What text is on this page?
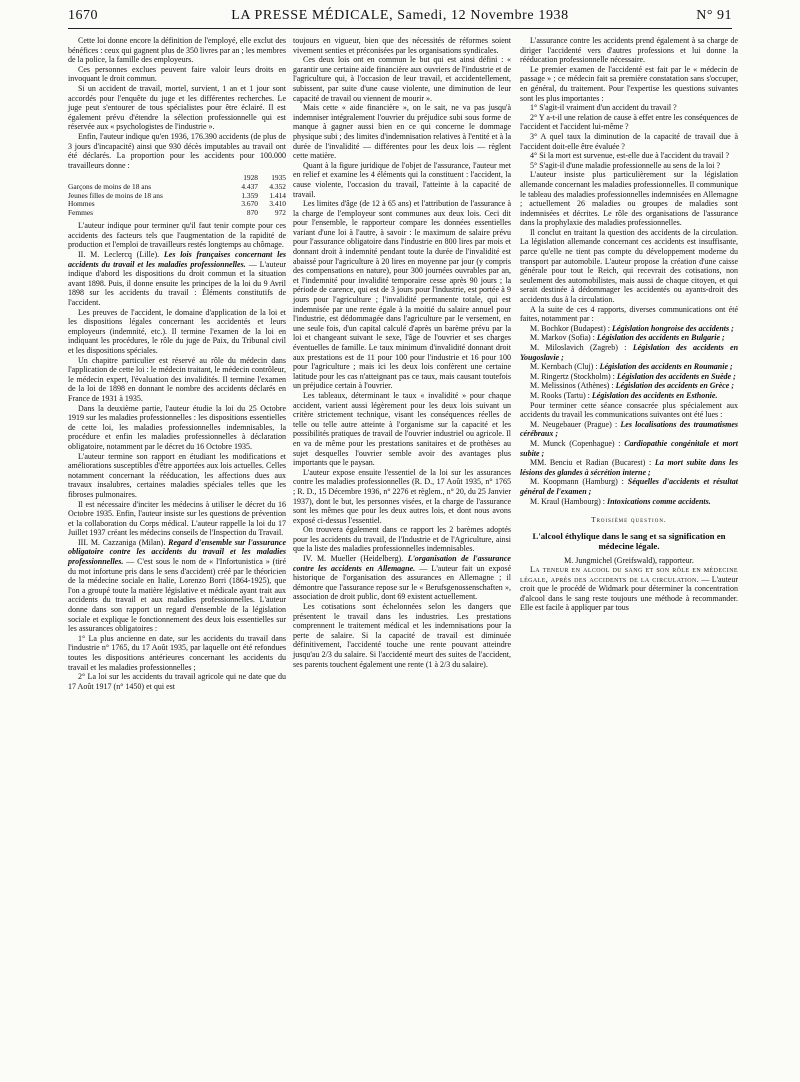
1670	LA PRESSE MÉDICALE, Samedi, 12 Novembre 1938	N° 91

Cette loi donne encore la définition de l'employé, elle exclut des bénéfices : ceux qui gagnent plus de 350 livres par an ; les membres de la police, la famille des employeurs.

Ces personnes exclues peuvent faire valoir leurs droits en invoquant le droit commun.

Si un accident de travail, mortel, survient, 1 an et 1 jour sont accordés pour l'enquête du juge et les différentes recherches. Le juge peut s'entourer de tous spécialistes pour être éclairé. Il est également prévu d'étendre la sélection professionnelle qui est réservée aux « psychologistes de l'industrie ».

Enfin, l'auteur indique qu'en 1936, 176.390 accidents (de plus de 3 jours d'incapacité) ainsi que 930 décès imputables au travail ont été déclarés. La proportion pour les accidents pour 100.000 travailleurs donne :

	1928	1935
Garçons de moins de 18 ans	4.437	4.352
Jeunes filles de moins de 18 ans	1.359	1.414
Hommes	3.670	3.410
Femmes	870	972

L'auteur indique pour terminer qu'il faut tenir compte pour ces accidents des facteurs tels que l'augmentation de la rapidité de production et l'emploi de travailleurs restés longtemps au chômage.

II. M. Leclercq (Lille). Les lois françaises concernant les accidents du travail et les maladies professionnelles. — L'auteur indique d'abord les dispositions du droit commun et la situation avant 1898. Puis, il donne ensuite les principes de la loi du 9 Avril 1898 sur les accidents du travail : Éléments constitutifs de l'accident.

Les preuves de l'accident, le domaine d'application de la loi et les dispositions légales concernant les accidentés et leurs employeurs (indemnité, etc.). Il termine l'examen de la loi en indiquant les procédures, le rôle du juge de Paix, du Tribunal civil et les dispositions spéciales.

Un chapitre particulier est réservé au rôle du médecin dans l'application de cette loi : le médecin traitant, le médecin contrôleur, le médecin expert, l'évaluation des invalidités. Il termine l'examen de la loi de 1898 en donnant le nombre des accidents déclarés en France de 1931 à 1935.

Dans la deuxième partie, l'auteur étudie la loi du 25 Octobre 1919 sur les maladies professionnelles : les dispositions essentielles de cette loi, les maladies professionnelles indemnisables, la procédure et enfin les maladies professionnelles à déclaration obligatoire, notamment par le décret du 16 Octobre 1935.

L'auteur termine son rapport en étudiant les modifications et améliorations susceptibles d'être apportées aux lois actuelles. Celles notamment concernant la rééducation, les affections dues aux travaux insalubres, certaines maladies spéciales telles que les fibroses pulmonaires.

Il est nécessaire d'inciter les médecins à utiliser le décret du 16 Octobre 1935. Enfin, l'auteur insiste sur les questions de prévention et la collaboration du Corps médical. L'auteur rappelle la loi du 17 Juillet 1937 créant les médecins conseils de l'Inspection du Travail.

III. M. Cazzaniga (Milan). Regard d'ensemble sur l'assurance obligatoire contre les accidents du travail et les maladies professionnelles. — C'est sous le nom de « l'Infortunistica » (tiré du mot infortune pris dans le sens d'accident) créé par le théoricien de la médecine sociale en Italie, Lorenzo Borri (1864-1925), que l'on a groupé toute la matière législative et médicale ayant trait aux accidents du travail et aux maladies professionnelles. L'auteur donne dans son rapport un regard d'ensemble de la législation sociale et explique le fonctionnement des deux lois essentielles sur les assurances obligatoires :

1° La plus ancienne en date, sur les accidents du travail dans l'industrie n° 1765, du 17 Août 1935, par laquelle ont été refondues toutes les dispositions antérieures concernant les accidents du travail et les maladies professionnelles ;

2° La loi sur les accidents du travail agricole qui ne date que du 17 Août 1917 (n° 1450) et qui est

toujours en vigueur, bien que des nécessités de réformes soient vivement senties et préconisées par les organisations syndicales.

Ces deux lois ont en commun le but qui est ainsi défini : « garantir une certaine aide financière aux ouvriers de l'industrie et de l'agriculture qui, à l'occasion de leur travail, et accidentellement, subissent, par suite d'une cause violente, une diminution de leur capacité de travail ou viennent de mourir ».

Mais cette « aide financière », on le sait, ne va pas jusqu'à indemniser intégralement l'ouvrier du préjudice subi sous forme de manque à gagner aussi bien en ce qui concerne le dommage physique subi ; des limites d'indemnisation relatives à l'entité et à la durée de l'invalidité — différentes pour les deux lois — règlent cette matière.

Quant à la figure juridique de l'objet de l'assurance, l'auteur met en relief et examine les 4 éléments qui la constituent : l'accident, la cause violente, l'occasion du travail, l'atteinte à la capacité de travail.

Les limites d'âge (de 12 à 65 ans) et l'attribution de l'assurance à la charge de l'employeur sont communes aux deux lois. Ceci dit pour l'ensemble, le rapporteur compare les données essentielles variant d'une loi à l'autre, à savoir : le maximum de salaire prévu pour l'assurance obligatoire dans l'industrie en 800 lires par mois et donnant droit à indemnité pendant toute la durée de l'invalidité est abaissé pour l'agriculture à 20 lires en moyenne par jour (y compris des compensations en nature), pour 300 journées ouvrables par an, et l'indemnité pour invalidité temporaire cesse après 90 jours ; la période de carence, qui est de 3 jours pour l'industrie, est portée à 9 jours pour l'agriculture ; l'invalidité permanente totale, qui est indemnisée par une rente égale à la moitié du salaire annuel pour l'industrie, est dédommagée dans l'agriculture par le versement, en une seule fois, d'un capital calculé d'après un barème prévu par la loi et changeant suivant le sexe, l'âge de l'ouvrier et ses charges éventuelles de famille. Le taux minimum d'invalidité donnant droit aux prestations est de 11 pour 100 pour l'industrie et 16 pour 100 pour l'agriculture ; mais ici les deux lois confèrent une certaine latitude pour les cas n'atteignant pas ce taux, mais causant toutefois un préjudice certain à l'ouvrier.

Les tableaux, déterminant le taux « invalidité » pour chaque accident, varient aussi légèrement pour les deux lois suivant un critère strictement technique, visant les conséquences réelles de telle ou telle autre atteinte à l'organisme sur la capacité et les possibilités pratiques de travail de l'ouvrier industriel ou agricole. Il en va de même pour les prestations sanitaires et de prothèses au sujet desquelles l'ouvrier semble avoir des avantages plus importants que le paysan.

L'auteur expose ensuite l'essentiel de la loi sur les assurances contre les maladies professionnelles (R. D., 17 Août 1935, n° 1765 ; R. D., 15 Décembre 1936, n° 2276 et règlem., n° 20, du 25 Janvier 1937), dont le but, les personnes visées, et la charge de l'assurance sont les mêmes que pour les deux autres lois, et dont nous avons exposé ci-dessus l'essentiel.

On trouvera également dans ce rapport les 2 barèmes adoptés pour les accidents du travail, de l'Industrie et de l'Agriculture, ainsi que la liste des maladies professionnelles indemnisables.

IV. M. Mueller (Heidelberg). L'organisation de l'assurance contre les accidents en Allemagne. — L'auteur fait un exposé historique de l'organisation des assurances en Allemagne ; il démontre que l'assurance repose sur le « Berufsgenossenschaften », association de droit public, dont 69 existent actuellement.

Les cotisations sont échelonnées selon les dangers que présentent le travail dans les industries. Les prestations comprennent le traitement médical et les indemnisations pour la perte de salaire. Si la capacité de travail est diminuée définitivement, l'accidenté touche une rente pouvant atteindre jusqu'au 2/3 du salaire. Si l'accidenté meurt des suites de l'accident, ses parents touchent également une rente (1 à 2/3 du salaire).

L'assurance contre les accidents prend également à sa charge de diriger l'accidenté vers d'autres professions et lui donne la rééducation professionnelle nécessaire.

Le premier examen de l'accidenté est fait par le « médecin de passage » ; ce médecin fait sa première constatation sans s'occuper, en général, du traitement. Pour l'expertise les questions suivantes sont les plus importantes :

1° S'agit-il vraiment d'un accident du travail ?

2° Y a-t-il une relation de cause à effet entre les conséquences de l'accident et l'accident lui-même ?

3° A quel taux la diminution de la capacité de travail due à l'accident doit-elle être évaluée ?

4° Si la mort est survenue, est-elle due à l'accident du travail ?

5° S'agit-il d'une maladie professionnelle au sens de la loi ?

L'auteur insiste plus particulièrement sur la législation allemande concernant les maladies professionnelles. Il communique le tableau des maladies professionnelles indemnisées en Allemagne ; actuellement 26 maladies ou groupes de maladies sont indemnisées et décrites. Le rôle des organisations de l'assurance dans la prophylaxie des maladies professionnelles.

Il conclut en traitant la question des accidents de la circulation. La législation allemande concernant ces accidents est insuffisante, parce qu'elle ne tient pas compte du développement moderne du transport par automobile. L'auteur propose la création d'une caisse générale pour tout le Reich, qui recevrait des cotisations, non seulement des automobilistes, mais aussi de chaque citoyen, et qui serait destinée à dédommager les accidentés ou ayants-droit des accidents dus à la circulation.

A la suite de ces 4 rapports, diverses communications ont été faites, notamment par :

M. Bochkor (Budapest) : Législation hongroise des accidents ;

M. Markov (Sofia) : Législation des accidents en Bulgarie ;

M. Miloslavich (Zagreb) : Législation des accidents en Yougoslavie ;

M. Kernbach (Cluj) : Législation des accidents en Roumanie ;

M. Ringertz (Stockholm) : Législation des accidents en Suède ;

M. Melissinos (Athènes) : Législation des accidents en Grèce ;

M. Rooks (Tartu) : Législation des accidents en Esthonie.

Pour terminer cette séance consacrée plus spécialement aux accidents du travail les communications suivantes ont été lues :

M. Neugebauer (Prague) : Les localisations des traumatismes cérébraux ;

M. Munck (Copenhague) : Cardiopathie congénitale et mort subite ;

MM. Benciu et Radian (Bucarest) : La mort subite dans les lésions des glandes à sécrétion interne ;

M. Koopmann (Hamburg) : Séquelles d'accidents et résultat général de l'examen ;

M. Kraul (Hambourg) : Intoxications comme accidents.

Troisième question.
L'alcool éthylique dans le sang et sa signification en médecine légale.
M. Jungmichel (Greifswald), rapporteur.

La teneur en alcool du sang et son rôle en médecine légale, après des accidents de la circulation. — L'auteur croit que le procédé de Widmark pour déterminer la concentration d'alcool dans le sang reste toujours une méthode à recommander. Elle est facile à appliquer par tous
